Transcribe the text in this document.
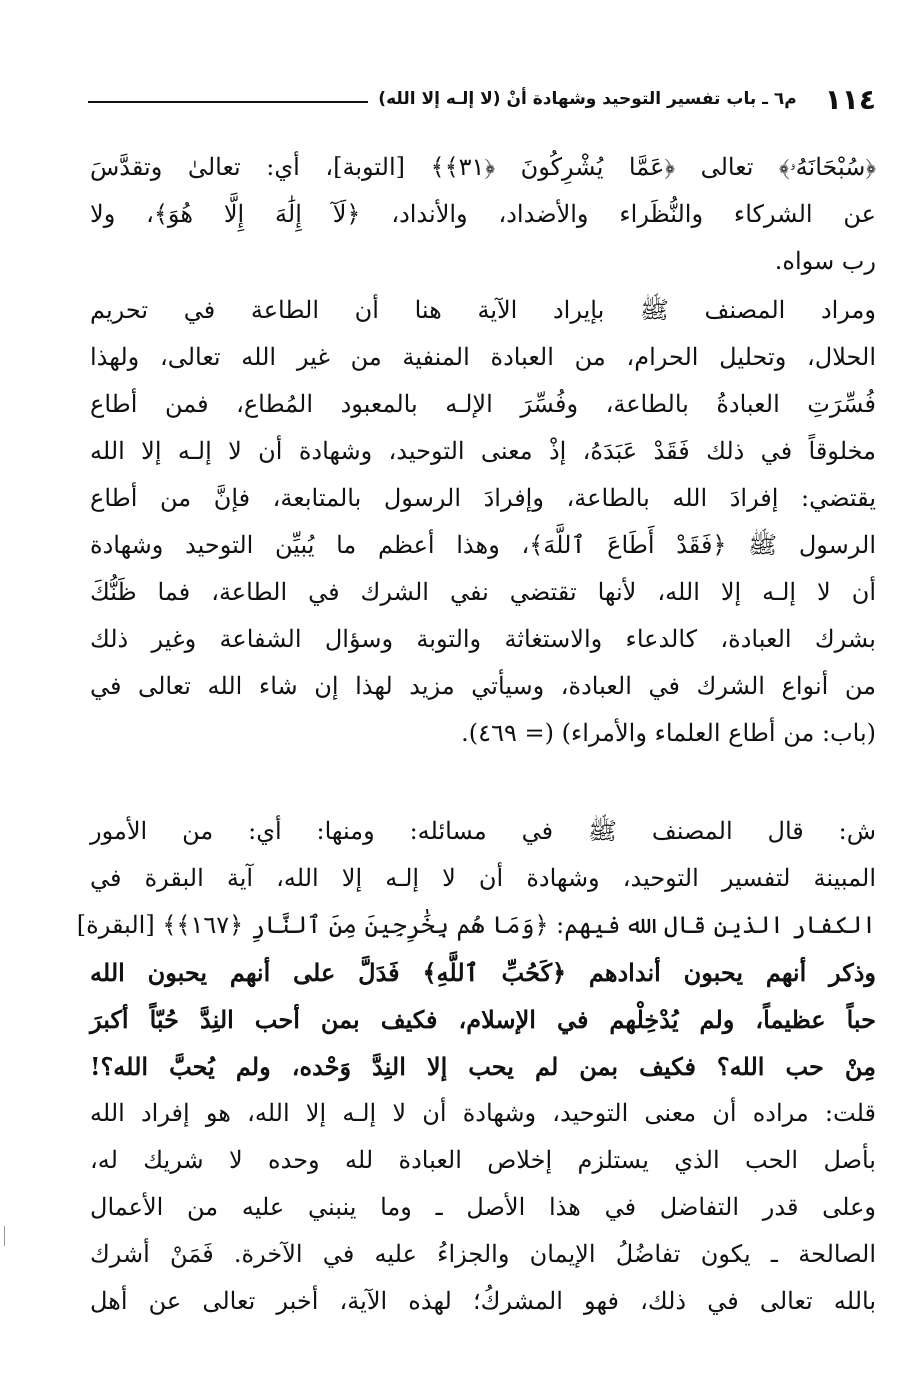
١١٤
م٦ ـ باب تفسير التوحيد وشهادة أنْ (لا إلـه إلا الله)
﴿سُبْحَانَهُۥ﴾ تعالى ﴿عَمَّا يُشْرِكُونَ ﴿٣١﴾﴾ [التوبة]، أي: تعالىٰ وتقدَّسَ
عن الشركاء والنُّظَراء والأضداد، والأنداد، ﴿لَآ إِلَٰهَ إِلَّا هُوَ﴾، ولا
رب سواه.
ومراد المصنف ﷺ بإيراد الآية هنا أن الطاعة في تحريم
الحلال، وتحليل الحرام، من العبادة المنفية من غير الله تعالى، ولهذا
فُسِّرَتِ العبادةُ بالطاعة، وفُسِّرَ الإلـه بالمعبود المُطاع، فمن أطاع
مخلوقاً في ذلك فَقَدْ عَبَدَهُ، إذْ معنى التوحيد، وشهادة أن لا إلـه إلا الله
يقتضي: إفرادَ الله بالطاعة، وإفرادَ الرسول بالمتابعة، فإنَّ من أطاع
الرسول ﷺ ﴿فَقَدْ أَطَاعَ ٱللَّهَ﴾، وهذا أعظم ما يُبيِّن التوحيد وشهادة
أن لا إلـه إلا الله، لأنها تقتضي نفي الشرك في الطاعة، فما ظَنُّكَ
بشرك العبادة، كالدعاء والاستغاثة والتوبة وسؤال الشفاعة وغير ذلك
من أنواع الشرك في العبادة، وسيأتي مزيد لهذا إن شاء الله تعالى في
(باب: من أطاع العلماء والأمراء) (= ٤٦٩).
ش: قال المصنف ﷺ في مسائله: ومنها: أي: من الأمور
المبينة لتفسير التوحيد، وشهادة أن لا إلـه إلا الله، آية البقرة في
الكفار الذين قال الله فيهم: ﴿وَمَا هُم بِخَٰرِجِينَ مِنَ ٱلنَّارِ ﴿١٦٧﴾﴾ [البقرة]
وذكر أنهم يحبون أندادهم ﴿كَحُبِّ ٱللَّهِ﴾ فَدَلَّ على أنهم يحبون الله
حباً عظيماً، ولم يُدْخِلْهم في الإسلام، فكيف بمن أحب النِدَّ حُبّاً أكبرَ
مِنْ حب الله؟ فكيف بمن لم يحب إلا النِدَّ وَحْده، ولم يُحبَّ الله؟!
قلت: مراده أن معنى التوحيد، وشهادة أن لا إلـه إلا الله، هو إفراد الله
بأصل الحب الذي يستلزم إخلاص العبادة لله وحده لا شريك له،
وعلى قدر التفاضل في هذا الأصل ـ وما ينبني عليه من الأعمال
الصالحة ـ يكون تفاضُلُ الإيمان والجزاءُ عليه في الآخرة. فَمَنْ أشرك
بالله تعالى في ذلك، فهو المشركُ؛ لهذه الآية، أخبر تعالى عن أهل
